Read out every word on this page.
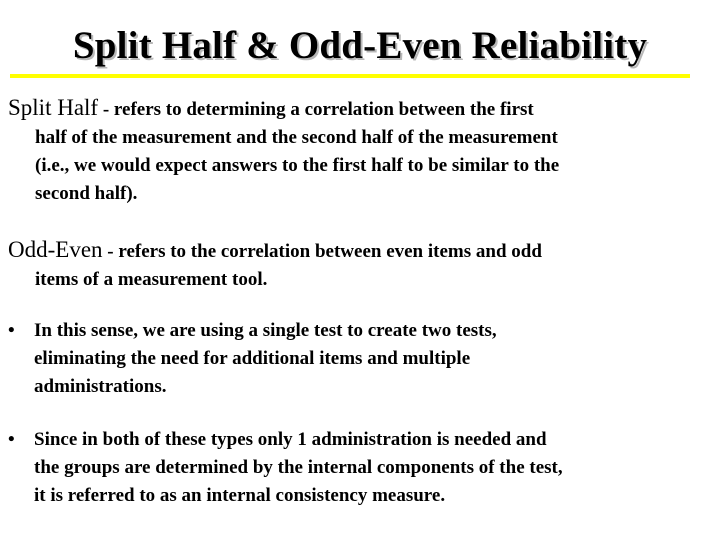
Split Half & Odd-Even Reliability
Split Half - refers to determining a correlation between the first
half of the measurement and the second half of the measurement
(i.e., we would expect answers to the first half to be similar to the
second half).
Odd-Even - refers to the correlation between even items and odd
items of a measurement tool.
•	In this sense, we are using a single test to create two tests,
eliminating the need for additional items and multiple
administrations.
•	Since in both of these types only 1 administration is needed and
the groups are determined by the internal components of the test,
it is referred to as an internal consistency measure.
